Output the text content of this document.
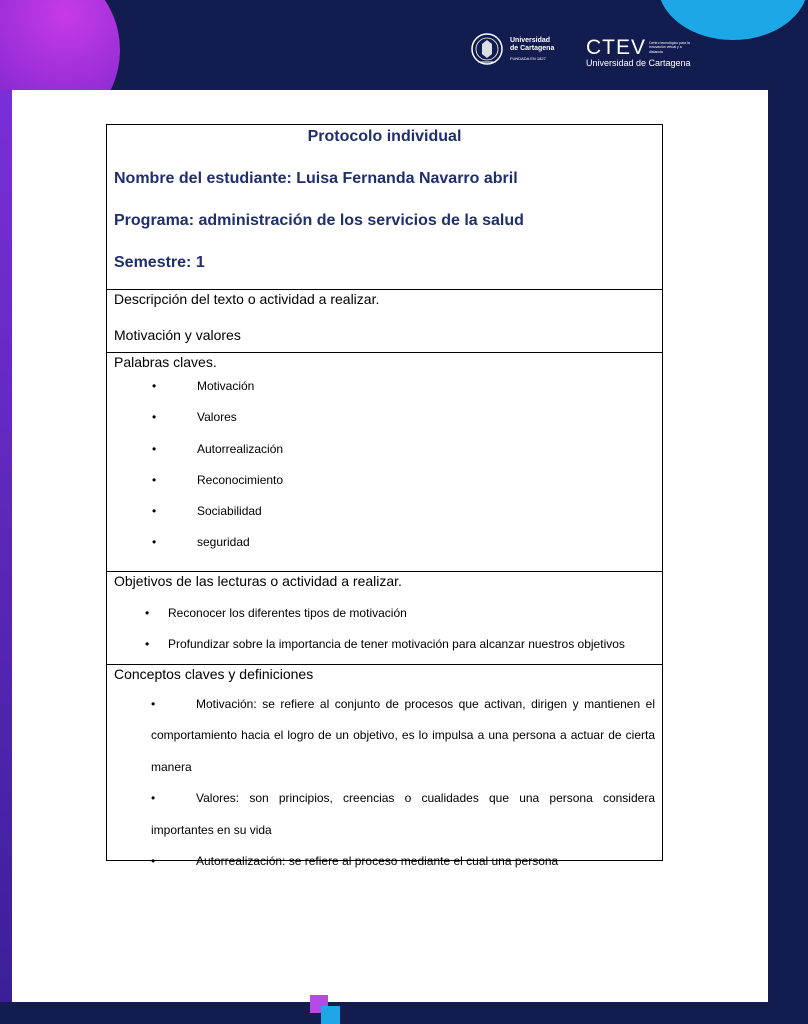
Universidad
de Cartagena
FUNDADA EN 1827	CTEV Centro tecnológico para la innovación virtual y a distancia
Universidad de Cartagena

Protocolo individual

Nombre del estudiante: Luisa Fernanda Navarro abril

Programa: administración de los servicios de la salud

Semestre: 1

Descripción del texto o actividad a realizar.

Motivación y valores

Palabras claves.

•	Motivación
•	Valores
•	Autorrealización
•	Reconocimiento
•	Sociabilidad
•	seguridad

Objetivos de las lecturas o actividad a realizar.

•	Reconocer los diferentes tipos de motivación
•	Profundizar sobre la importancia de tener motivación para alcanzar nuestros objetivos

Conceptos claves y definiciones

•	Motivación: se refiere al conjunto de procesos que activan, dirigen y mantienen el comportamiento hacia el logro de un objetivo, es lo impulsa a una persona a actuar de cierta manera
•	Valores: son principios, creencias o cualidades que una persona considera importantes en su vida
•	Autorrealización: se refiere al proceso mediante el cual una persona
